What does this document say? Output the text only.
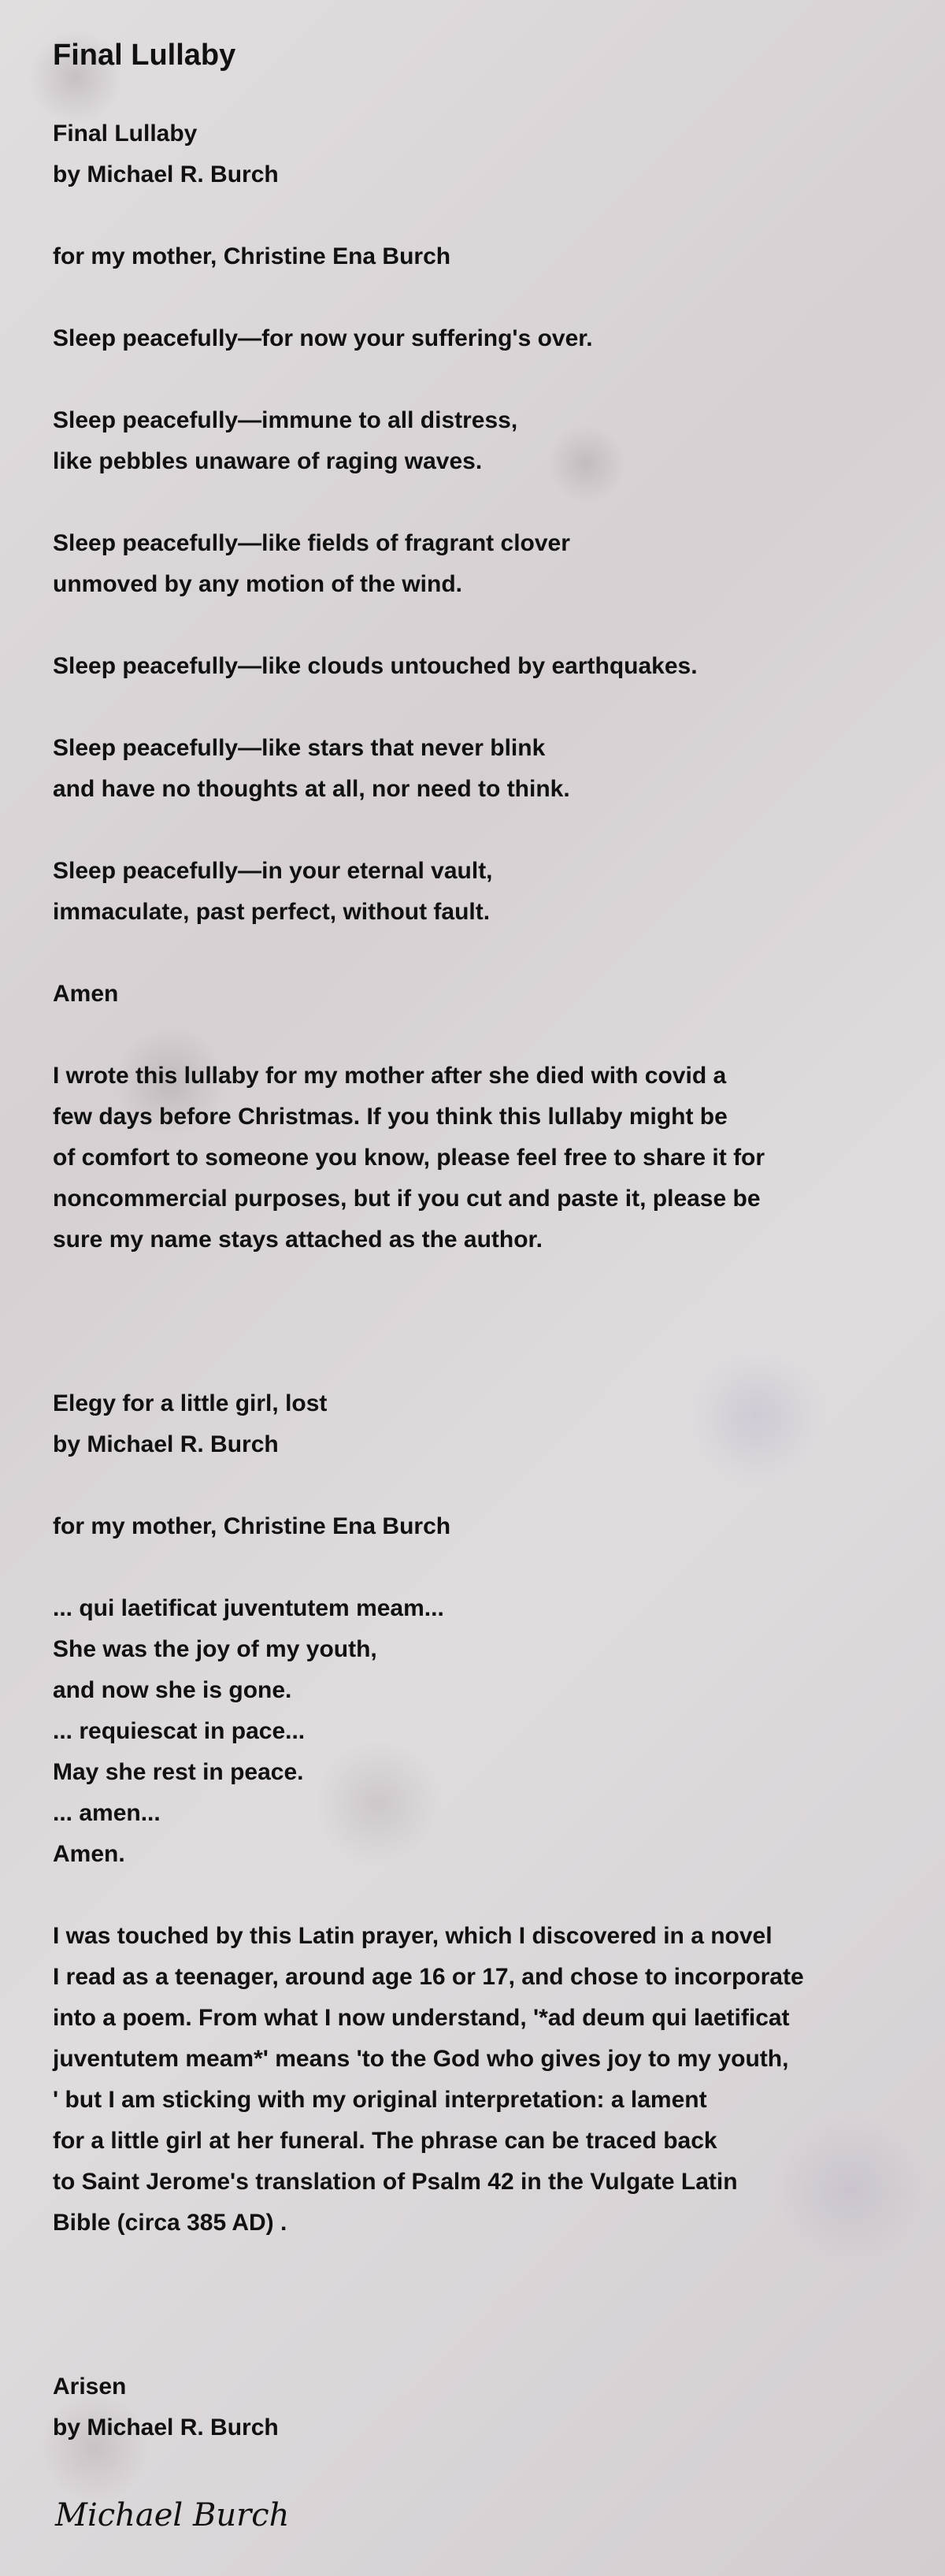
Final Lullaby
Final Lullaby
by Michael R. Burch
for my mother, Christine Ena Burch
Sleep peacefully—for now your suffering's over.
Sleep peacefully—immune to all distress,
like pebbles unaware of raging waves.
Sleep peacefully—like fields of fragrant clover
unmoved by any motion of the wind.
Sleep peacefully—like clouds untouched by earthquakes.
Sleep peacefully—like stars that never blink
and have no thoughts at all, nor need to think.
Sleep peacefully—in your eternal vault,
immaculate, past perfect, without fault.
Amen
I wrote this lullaby for my mother after she died with covid a
few days before Christmas. If you think this lullaby might be
of comfort to someone you know, please feel free to share it for
noncommercial purposes, but if you cut and paste it, please be
sure my name stays attached as the author.
Elegy for a little girl, lost
by Michael R. Burch
for my mother, Christine Ena Burch
... qui laetificat juventutem meam...
She was the joy of my youth,
and now she is gone.
... requiescat in pace...
May she rest in peace.
... amen...
Amen.
I was touched by this Latin prayer, which I discovered in a novel
I read as a teenager, around age 16 or 17, and chose to incorporate
into a poem. From what I now understand, '*ad deum qui laetificat
juventutem meam*' means 'to the God who gives joy to my youth,
' but I am sticking with my original interpretation: a lament
for a little girl at her funeral. The phrase can be traced back
to Saint Jerome's translation of Psalm 42 in the Vulgate Latin
Bible (circa 385 AD) .
Arisen
by Michael R. Burch
Michael Burch
